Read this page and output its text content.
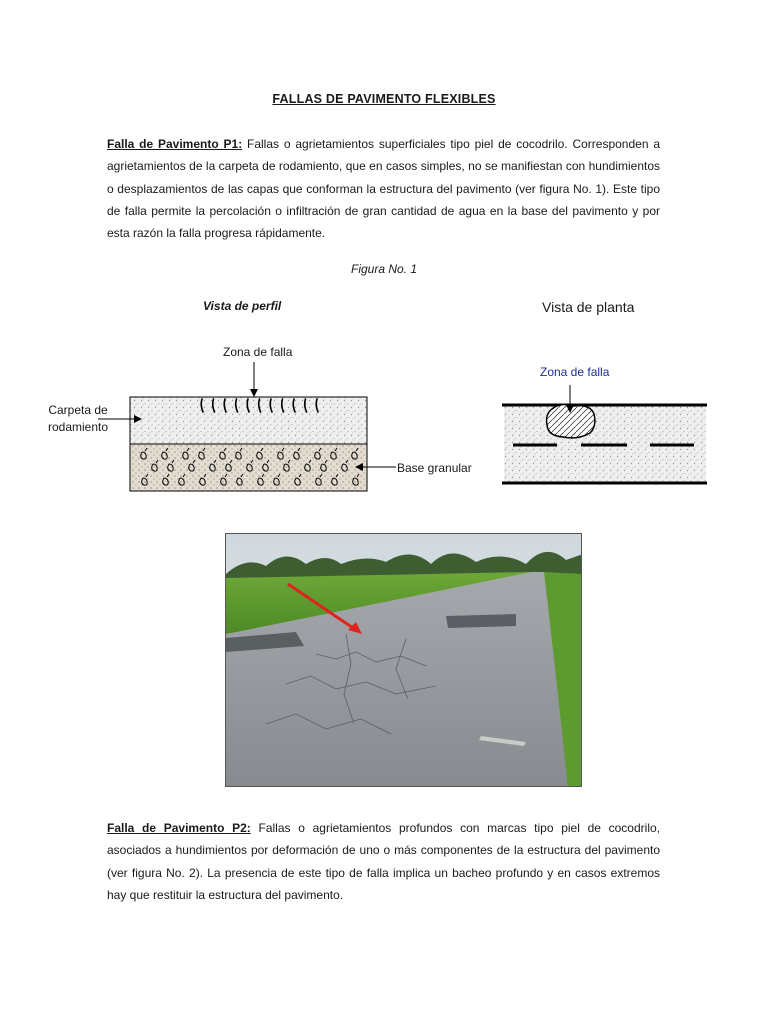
FALLAS DE PAVIMENTO FLEXIBLES
Falla de Pavimento P1: Fallas o agrietamientos superficiales tipo piel de cocodrilo. Corresponden a agrietamientos de la carpeta de rodamiento, que en casos simples, no se manifiestan con hundimientos o desplazamientos de las capas que conforman la estructura del pavimento (ver figura No. 1). Este tipo de falla permite la percolación o infiltración de gran cantidad de agua en la base del pavimento y por esta razón la falla progresa rápidamente.
Figura No. 1
Vista de perfil	Vista de planta
Zona de falla
Carpeta de
rodamiento
Base granular
Zona de falla
Falla de Pavimento P2: Fallas o agrietamientos profundos con marcas tipo piel de cocodrilo, asociados a hundimientos por deformación de uno o más componentes de la estructura del pavimento (ver figura No. 2). La presencia de este tipo de falla implica un bacheo profundo y en casos extremos hay que restituir la estructura del pavimento.
